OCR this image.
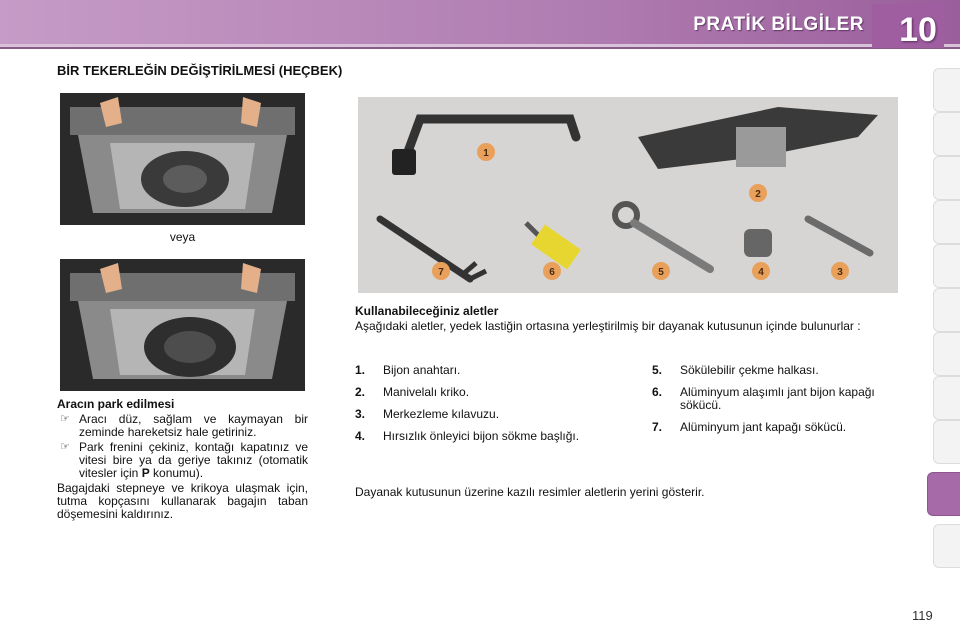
PRATİK BİLGİLER 10
BİR TEKERLEĞİN DEĞİŞTİRİLMESİ (HEÇBEK)
veya
1
2
7	6	5	4	3
Aracın park edilmesi
☞ Aracı düz, sağlam ve kaymayan bir zeminde hareketsiz hale getiriniz.
☞ Park frenini çekiniz, kontağı kapatınız ve vitesi bire ya da geriye takınız (otomatik vitesler için P konumu).
Bagajdaki stepneye ve krikoya ulaşmak için, tutma kopçasını kullanarak bagajın taban döşemesini kaldırınız.
Kullanabileceğiniz aletler
Aşağıdaki aletler, yedek lastiğin ortasına yerleştirilmiş bir dayanak kutusunun içinde bulunurlar :
1. Bijon anahtarı.
2. Manivelalı kriko.
3. Merkezleme kılavuzu.
4. Hırsızlık önleyici bijon sökme başlığı.
5. Sökülebilir çekme halkası.
6. Alüminyum alaşımlı jant bijon kapağı sökücü.
7. Alüminyum jant kapağı sökücü.
Dayanak kutusunun üzerine kazılı resimler aletlerin yerini gösterir.
119
